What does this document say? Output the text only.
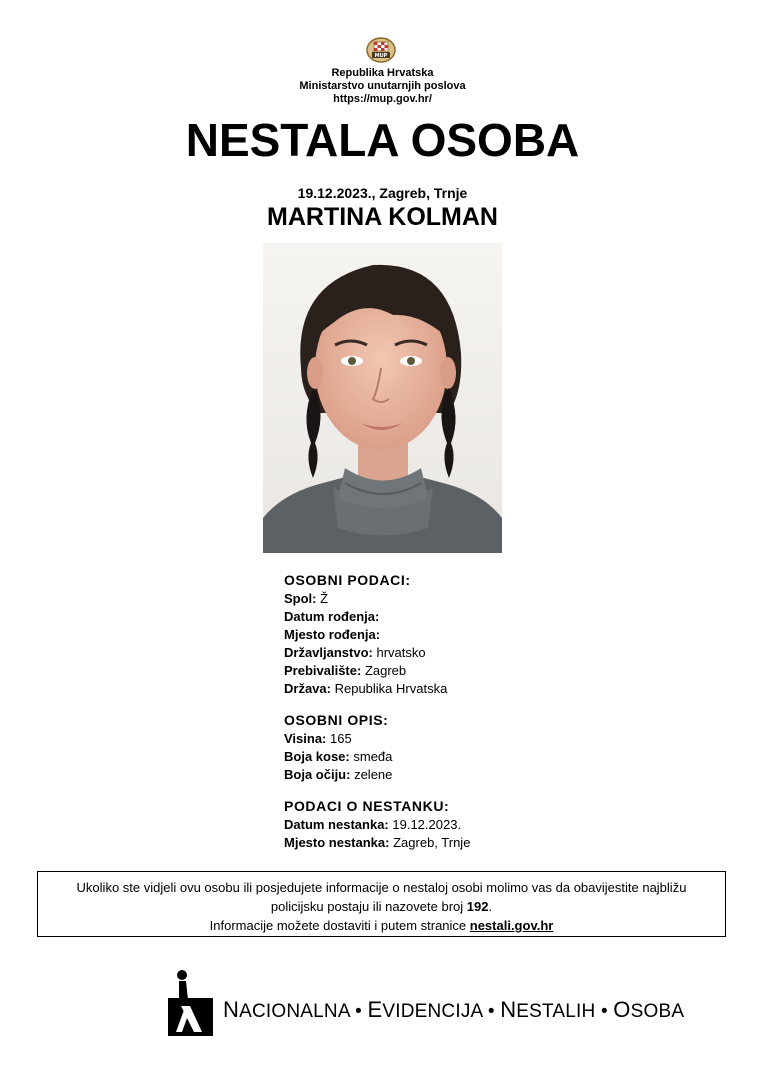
MUP
Republika Hrvatska
Ministarstvo unutarnjih poslova
https://mup.gov.hr/
NESTALA OSOBA
19.12.2023., Zagreb, Trnje
MARTINA KOLMAN
OSOBNI PODACI:
Spol: Ž
Datum rođenja:
Mjesto rođenja:
Državljanstvo: hrvatsko
Prebivalište: Zagreb
Država: Republika Hrvatska
OSOBNI OPIS:
Visina: 165
Boja kose: smeđa
Boja očiju: zelene
PODACI O NESTANKU:
Datum nestanka: 19.12.2023.
Mjesto nestanka: Zagreb, Trnje
Ukoliko ste vidjeli ovu osobu ili posjedujete informacije o nestaloj osobi molimo vas da obavijestite najbližu
policijsku postaju ili nazovete broj 192.
Informacije možete dostaviti i putem stranice nestali.gov.hr
NACIONALNA • EVIDENCIJA • NESTALIH • OSOBA
